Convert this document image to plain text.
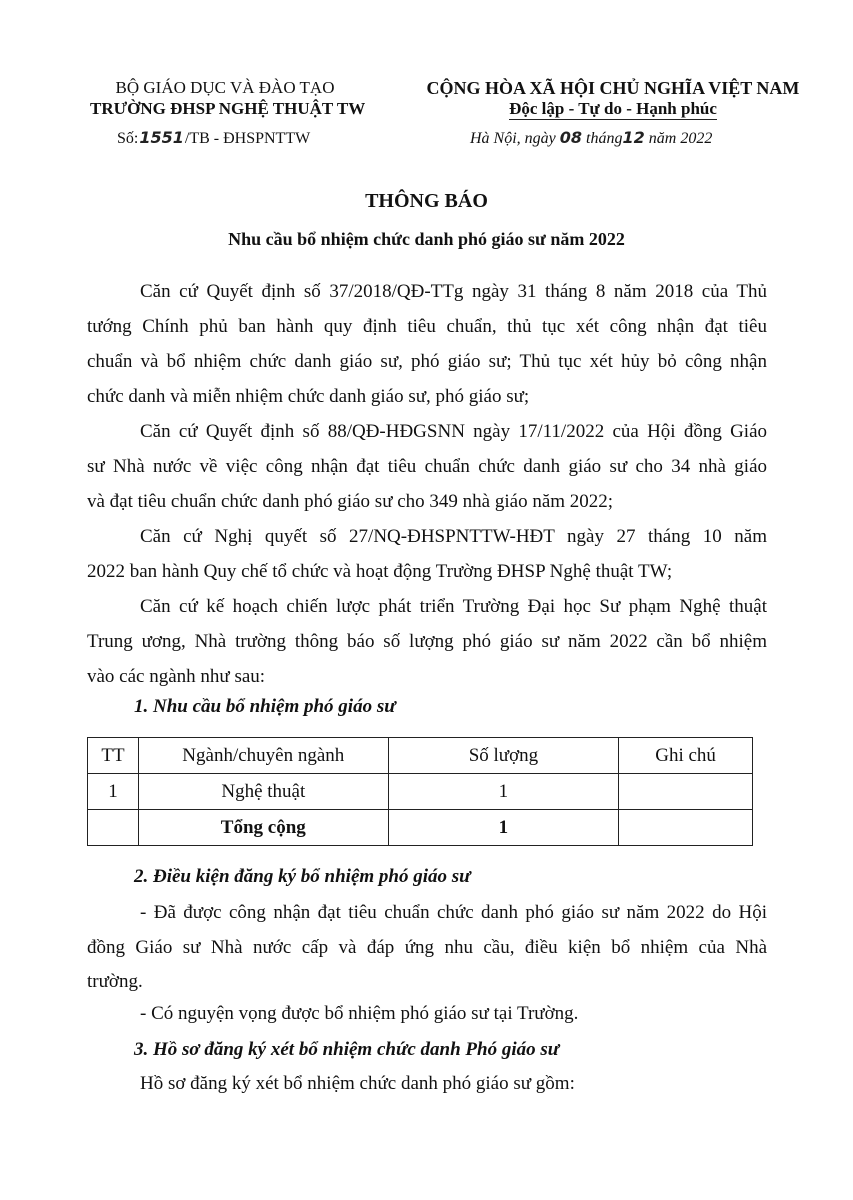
BỘ GIÁO DỤC VÀ ĐÀO TẠO
TRƯỜNG ĐHSP NGHỆ THUẬT TW
Số:1551/TB - ĐHSPNTTW
CỘNG HÒA XÃ HỘI CHỦ NGHĨA VIỆT NAM
Độc lập - Tự do - Hạnh phúc
Hà Nội, ngày 08 tháng12 năm 2022
THÔNG BÁO
Nhu cầu bổ nhiệm chức danh phó giáo sư năm 2022
Căn cứ Quyết định số 37/2018/QĐ-TTg ngày 31 tháng 8 năm 2018 của Thủ
tướng Chính phủ ban hành quy định tiêu chuẩn, thủ tục xét công nhận đạt tiêu
chuẩn và bổ nhiệm chức danh giáo sư, phó giáo sư; Thủ tục xét hủy bỏ công nhận
chức danh và miễn nhiệm chức danh giáo sư, phó giáo sư;
Căn cứ Quyết định số 88/QĐ-HĐGSNN ngày 17/11/2022 của Hội đồng Giáo
sư Nhà nước về việc công nhận đạt tiêu chuẩn chức danh giáo sư cho 34 nhà giáo
và đạt tiêu chuẩn chức danh phó giáo sư cho 349 nhà giáo năm 2022;
Căn cứ Nghị quyết số 27/NQ-ĐHSPNTTW-HĐT ngày 27 tháng 10 năm
2022 ban hành Quy chế tổ chức và hoạt động Trường ĐHSP Nghệ thuật TW;
Căn cứ kế hoạch chiến lược phát triển Trường Đại học Sư phạm Nghệ thuật
Trung ương, Nhà trường thông báo số lượng phó giáo sư năm 2022 cần bổ nhiệm
vào các ngành như sau:
1. Nhu cầu bổ nhiệm phó giáo sư
TT	Ngành/chuyên ngành	Số lượng	Ghi chú
1	Nghệ thuật	1	
	Tổng cộng	1	
2. Điều kiện đăng ký bổ nhiệm phó giáo sư
- Đã được công nhận đạt tiêu chuẩn chức danh phó giáo sư năm 2022 do Hội
đồng Giáo sư Nhà nước cấp và đáp ứng nhu cầu, điều kiện bổ nhiệm của Nhà
trường.
- Có nguyện vọng được bổ nhiệm phó giáo sư tại Trường.
3. Hồ sơ đăng ký xét bổ nhiệm chức danh Phó giáo sư
Hồ sơ đăng ký xét bổ nhiệm chức danh phó giáo sư gồm:
